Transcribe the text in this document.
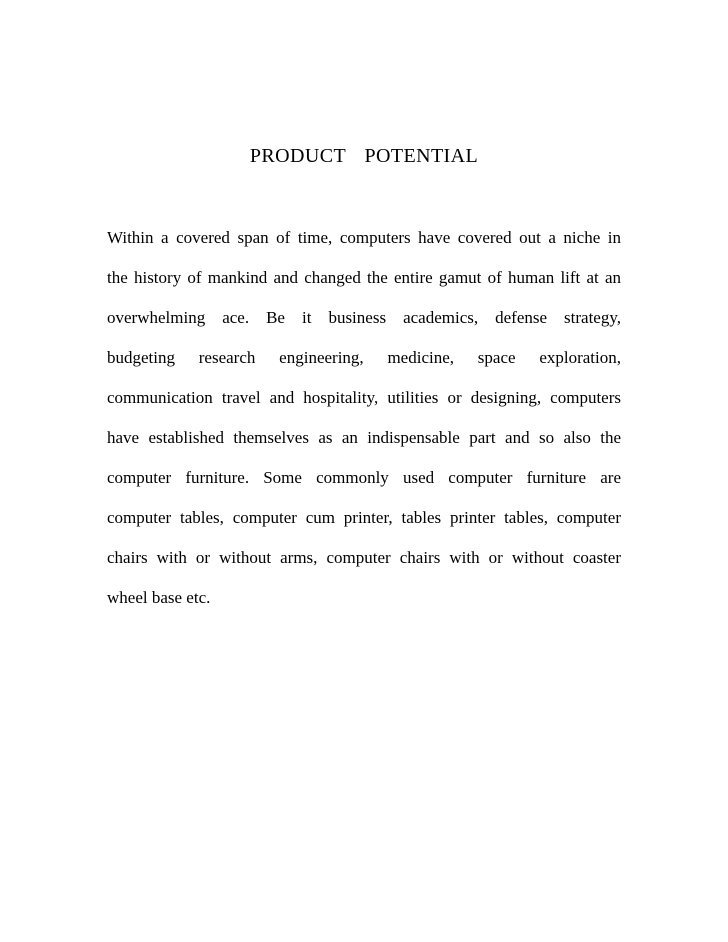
PRODUCT  POTENTIAL
Within a covered span of time, computers have covered out a niche in
the history of mankind and changed the entire gamut of human lift at an
overwhelming ace. Be it business academics, defense strategy,
budgeting research engineering, medicine, space exploration,
communication travel and hospitality, utilities or designing, computers
have established themselves as an indispensable part and so also the
computer furniture. Some commonly used computer furniture are
computer tables, computer cum printer, tables printer tables, computer
chairs with or without arms, computer chairs with or without coaster
wheel base etc.
